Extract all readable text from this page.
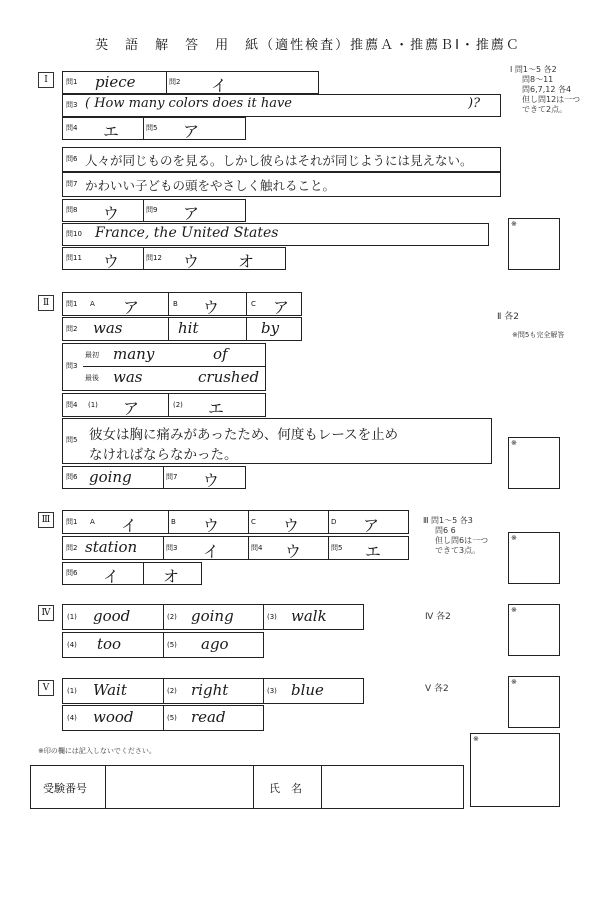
英　語　解　答　用　紙（適性検査）推薦Ａ・推薦ＢⅠ・推薦Ｃ
Ⅰ	問1 piece	問2 イ
問3 ( How many colors does it have	)?
問4 エ	問5 ア
問6 人々が同じものを見る。しかし彼らはそれが同じようには見えない。
問7 かわいい子どもの頭をやさしく触れること。
問8 ウ	問9 ア
問10 France, the United States
問11 ウ	問12 ウ オ
Ⅰ 問1〜5 各2
問8〜11
問6,7,12 各4
但し問12は一つ
できて2点。
※
Ⅱ	問1 A ア	B ウ	C ア
問2 was	hit	by
問3
最初 many	of
最後 was	crushed
問4 (1) ア	(2) エ
問5 彼女は胸に痛みがあったため、何度もレースを止め
なければならなかった。
問6 going	問7 ウ
Ⅱ 各2
※問5も完全解答
※
Ⅲ	問1 A イ	B ウ	C ウ	D ア
問2 station	問3 イ	問4 ウ	問5 エ
問6 イ	オ
Ⅲ 問1〜5 各3
問6 6
但し問6は一つ
できて3点。
※
Ⅳ	(1) good	(2) going	(3) walk
(4) too	(5) ago
Ⅳ 各2
※
Ⅴ	(1) Wait	(2) right	(3) blue
(4) wood	(5) read
Ⅴ 各2
※
※
※印の欄には記入しないでください。
受験番号	氏　名
